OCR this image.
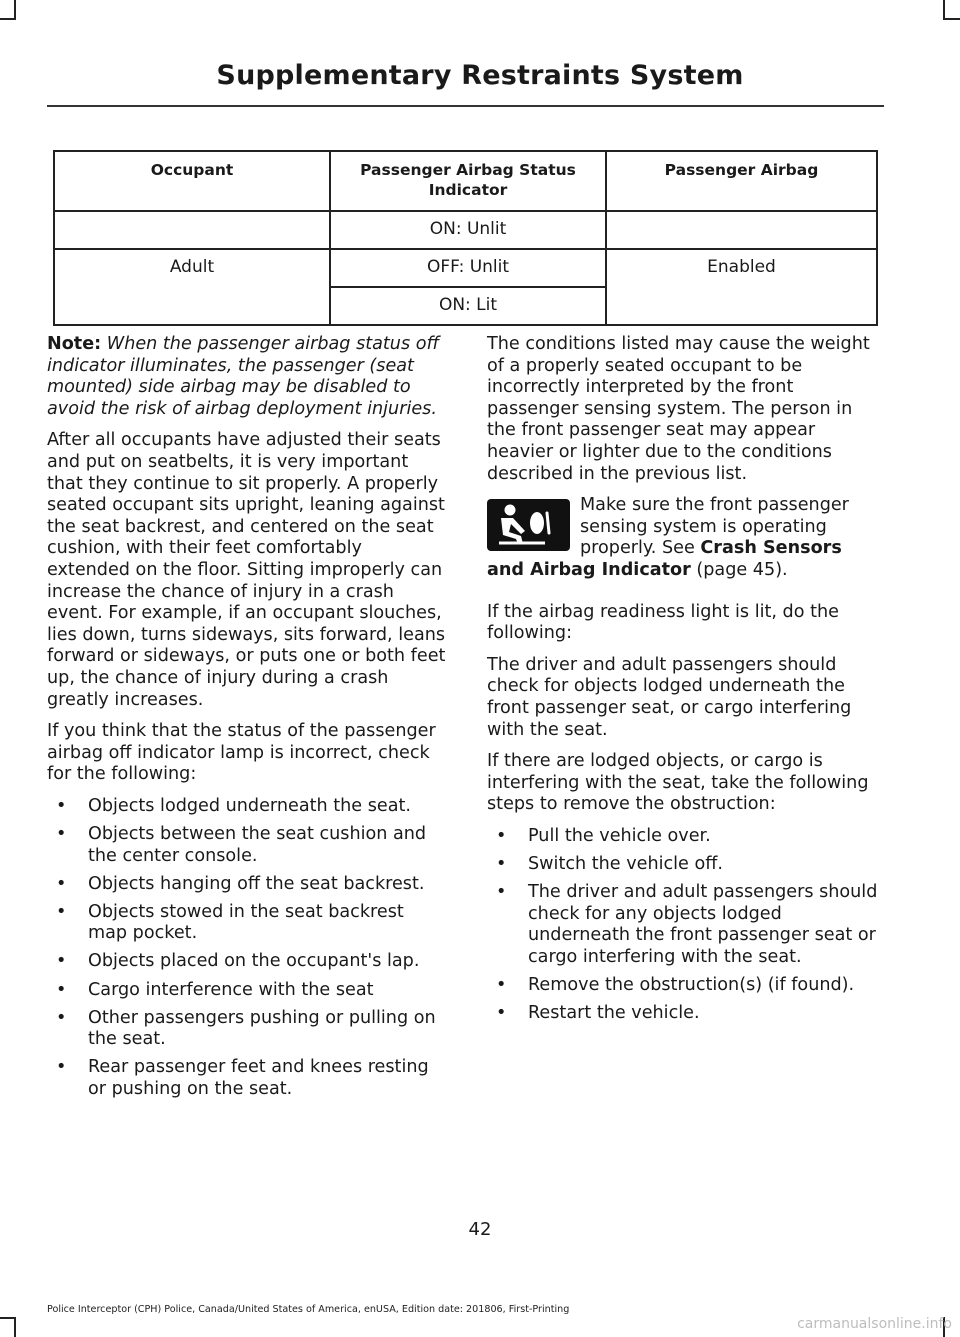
Supplementary Restraints System
Occupant	Passenger Airbag Status Indicator	Passenger Airbag
	ON: Unlit	
Adult	OFF: Unlit	Enabled
	ON: Lit	

Note: When the passenger airbag status off indicator illuminates, the passenger (seat mounted) side airbag may be disabled to avoid the risk of airbag deployment injuries.

After all occupants have adjusted their seats and put on seatbelts, it is very important that they continue to sit properly. A properly seated occupant sits upright, leaning against the seat backrest, and centered on the seat cushion, with their feet comfortably extended on the floor. Sitting improperly can increase the chance of injury in a crash event. For example, if an occupant slouches, lies down, turns sideways, sits forward, leans forward or sideways, or puts one or both feet up, the chance of injury during a crash greatly increases.

If you think that the status of the passenger airbag off indicator lamp is incorrect, check for the following:

• Objects lodged underneath the seat.
• Objects between the seat cushion and the center console.
• Objects hanging off the seat backrest.
• Objects stowed in the seat backrest map pocket.
• Objects placed on the occupant's lap.
• Cargo interference with the seat
• Other passengers pushing or pulling on the seat.
• Rear passenger feet and knees resting or pushing on the seat.

The conditions listed may cause the weight of a properly seated occupant to be incorrectly interpreted by the front passenger sensing system. The person in the front passenger seat may appear heavier or lighter due to the conditions described in the previous list.

Make sure the front passenger sensing system is operating properly. See Crash Sensors and Airbag Indicator (page 45).

If the airbag readiness light is lit, do the following:

The driver and adult passengers should check for objects lodged underneath the front passenger seat, or cargo interfering with the seat.

If there are lodged objects, or cargo is interfering with the seat, take the following steps to remove the obstruction:

• Pull the vehicle over.
• Switch the vehicle off.
• The driver and adult passengers should check for any objects lodged underneath the front passenger seat or cargo interfering with the seat.
• Remove the obstruction(s) (if found).
• Restart the vehicle.
42
Police Interceptor (CPH) Police, Canada/United States of America, enUSA, Edition date: 201806, First-Printing
carmanualsonline.info
